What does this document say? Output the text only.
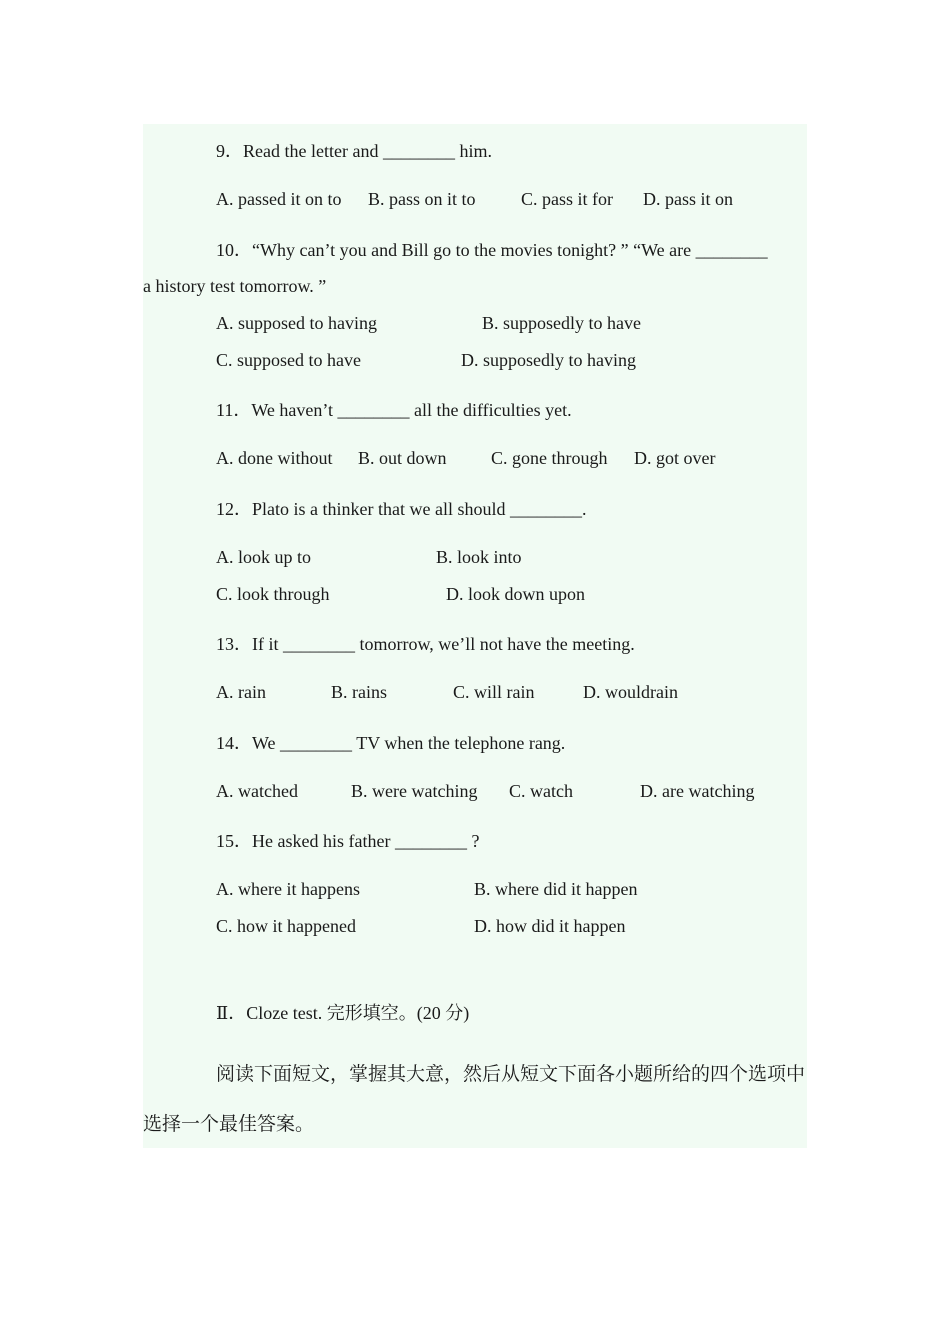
9．Read the letter and ________ him.
A. passed it on to B. pass on it to	C. pass it for D. pass it on
10．“Why can’t you and Bill go to the movies tonight? ” “We are ________
a history test tomorrow. ”
A. supposed to having	B. supposedly to have
C. supposed to have	D. supposedly to having
11．We haven’t ________ all the difficulties yet.
A. done without B. out down C. gone through D. got over
12．Plato is a thinker that we all should ________.
A. look up to	B. look into
C. look through	D. look down upon
13．If it ________ tomorrow, we’ll not have the meeting.
A. rain	B. rains	C. will rain	D. wouldrain
14．We ________ TV when the telephone rang.
A. watched	B. were watching C. watch	D. are watching
15．He asked his father ________ ?
A. where it happens	B. where did it happen
C. how it happened	D. how did it happen
Ⅱ．Cloze test. 完形填空。(20 分)
阅读下面短文，掌握其大意，然后从短文下面各小题所给的四个选项中
选择一个最佳答案。
